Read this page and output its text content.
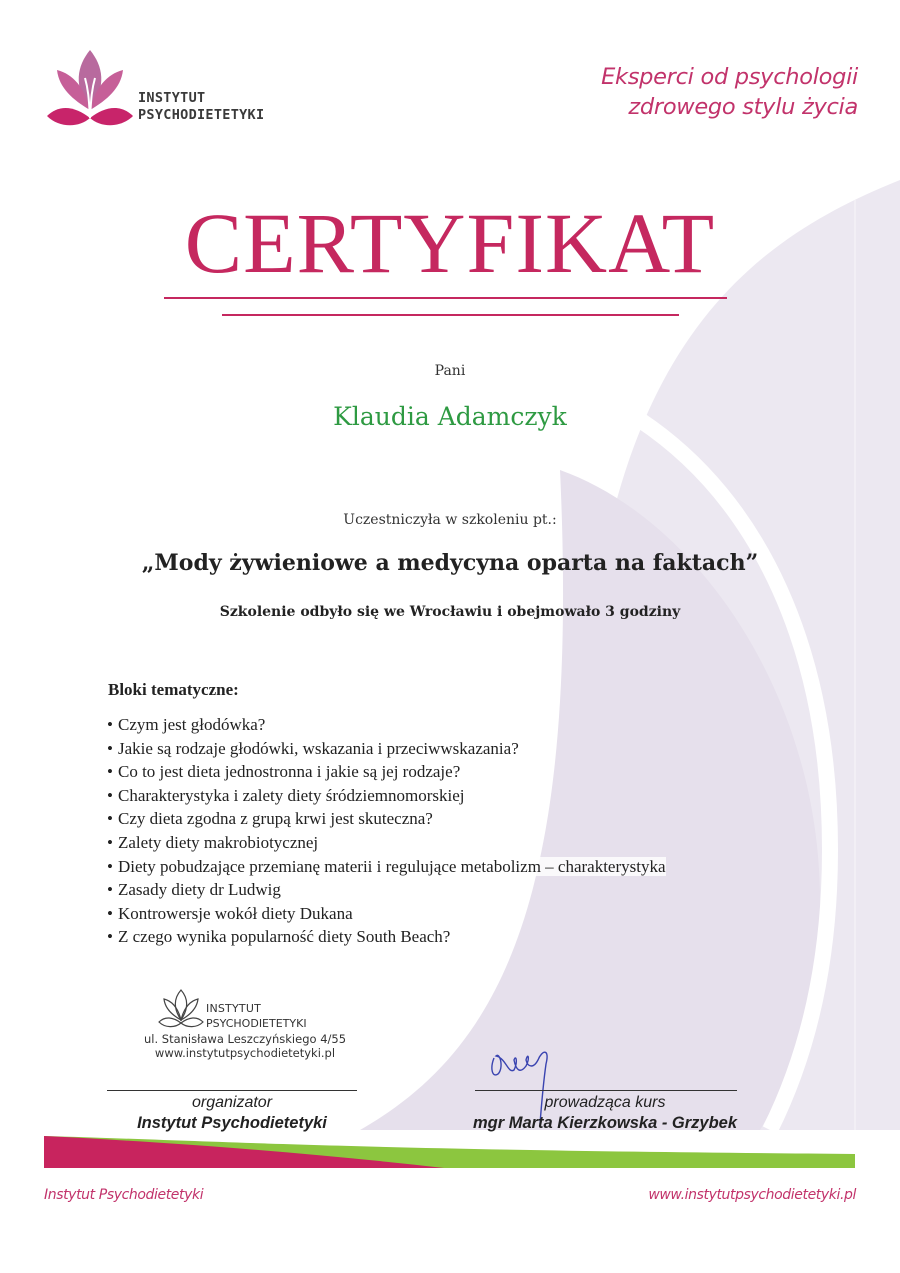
INSTYTUT
PSYCHODIETETYKI
Eksperci od psychologii
zdrowego stylu życia
CERTYFIKAT
Pani
Klaudia Adamczyk
Uczestniczyła w szkoleniu pt.:
„Mody żywieniowe a medycyna oparta na faktach”
Szkolenie odbyło się we Wrocławiu i obejmowało 3 godziny
Bloki tematyczne:
• Czym jest głodówka?
• Jakie są rodzaje głodówki, wskazania i przeciwwskazania?
• Co to jest dieta jednostronna i jakie są jej rodzaje?
• Charakterystyka i zalety diety śródziemnomorskiej
• Czy dieta zgodna z grupą krwi jest skuteczna?
• Zalety diety makrobiotycznej
• Diety pobudzające przemianę materii i regulujące metabolizm – charakterystyka
• Zasady diety dr Ludwig
• Kontrowersje wokół diety Dukana
• Z czego wynika popularność diety South Beach?
INSTYTUT
PSYCHODIETETYKI
ul. Stanisława Leszczyńskiego 4/55
www.instytutpsychodietetyki.pl
organizator
Instytut Psychodietetyki
prowadząca kurs
mgr Marta Kierzkowska - Grzybek
Instytut Psychodietetyki	www.instytutpsychodietetyki.pl
